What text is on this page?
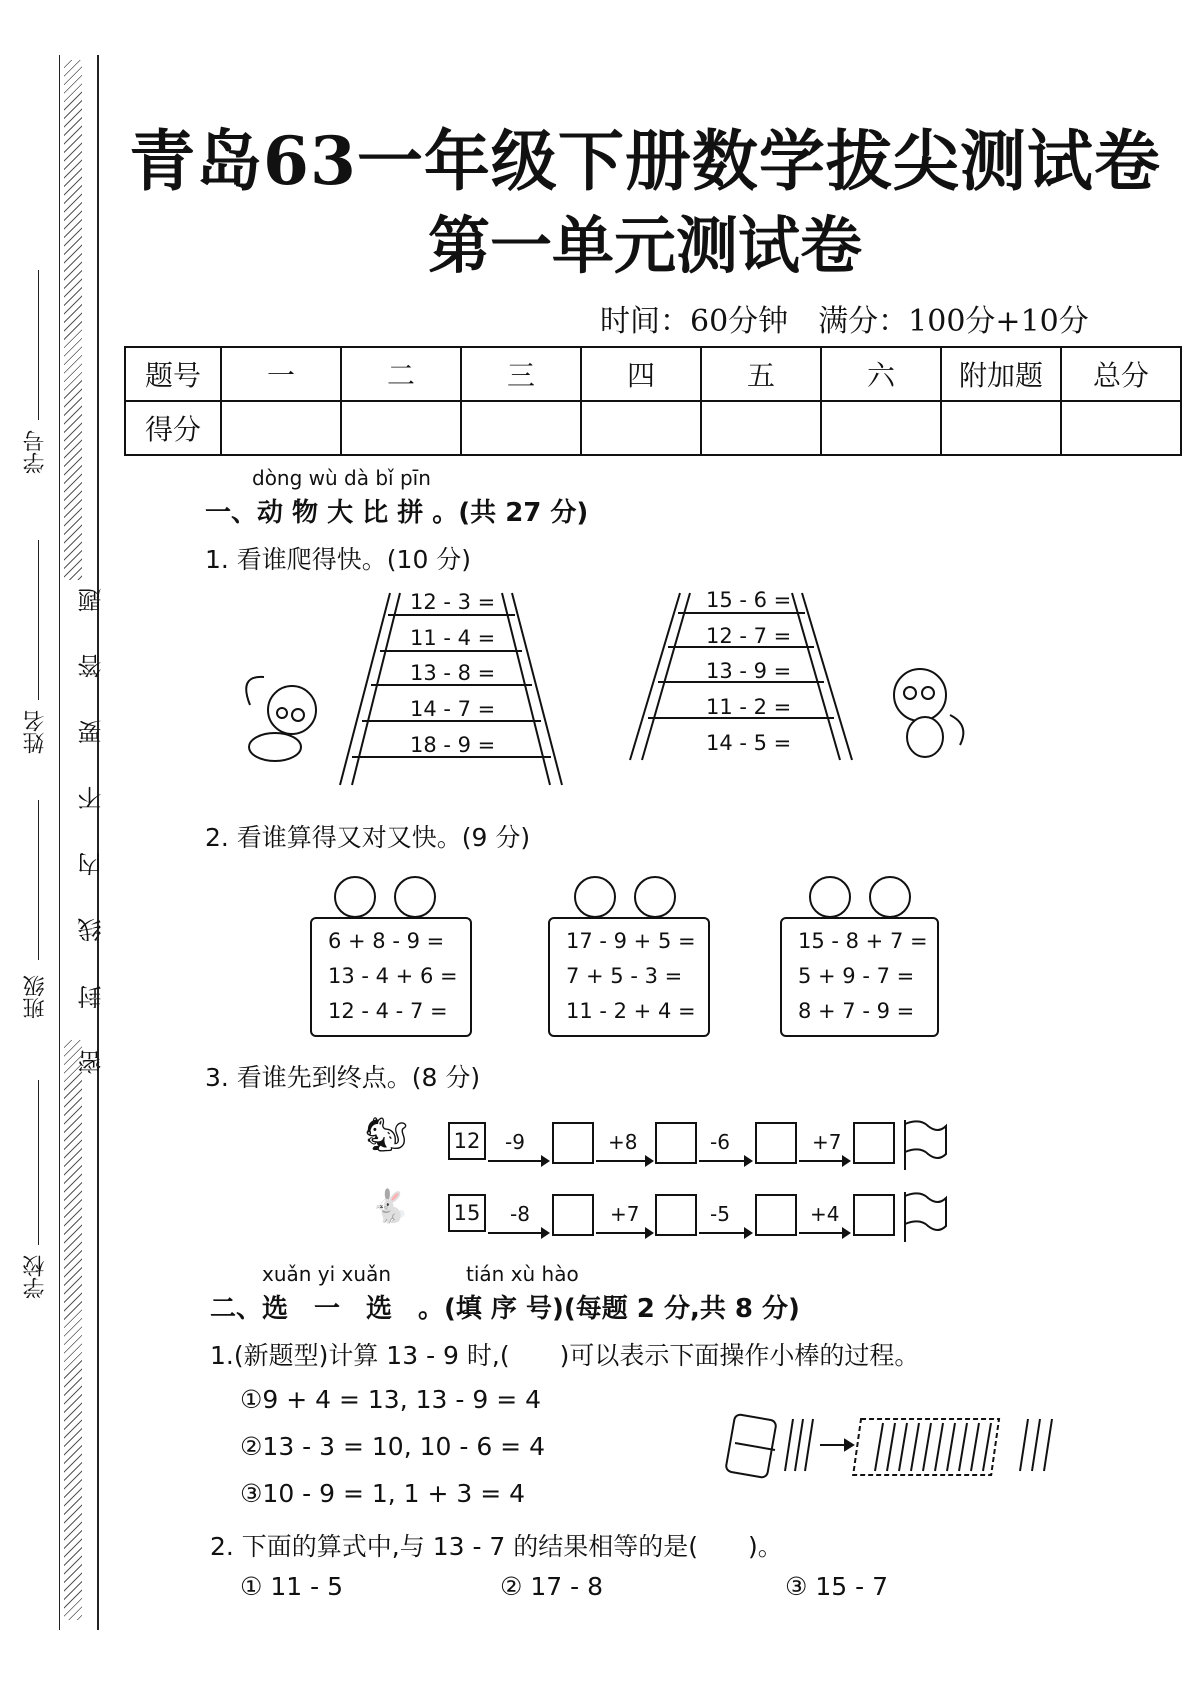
学号
姓名
班级
学校
密
封
线
内
不
要
答
题
青岛63一年级下册数学拔尖测试卷
第一单元测试卷
时间：60分钟　满分：100分+10分
题号	一	二	三	四	五	六	附加题	总分
得分								
dòng wù dà bǐ pīn
一、动 物 大 比 拼 。(共 27 分)
1. 看谁爬得快。(10 分)
12 - 3 =
11 - 4 =
13 - 8 =
14 - 7 =
18 - 9 =
15 - 6 =
12 - 7 =
13 - 9 =
11 - 2 =
14 - 5 =
2. 看谁算得又对又快。(9 分)
6 + 8 - 9 =
13 - 4 + 6 =
12 - 4 - 7 =
17 - 9 + 5 =
7 + 5 - 3 =
11 - 2 + 4 =
15 - 8 + 7 =
5 + 9 - 7 =
8 + 7 - 9 =
3. 看谁先到终点。(8 分)
🐿
🐇
12 -9	+8	-6	+7
15 -8	+7	-5	+4
xuǎn yi xuǎn	tián xù hào
二、选　一　选　。(填 序 号)(每题 2 分,共 8 分)
1.(新题型)计算 13 - 9 时,(　　)可以表示下面操作小棒的过程。
①9 + 4 = 13, 13 - 9 = 4
②13 - 3 = 10, 10 - 6 = 4
③10 - 9 = 1, 1 + 3 = 4
2. 下面的算式中,与 13 - 7 的结果相等的是(　　)。
① 11 - 5	② 17 - 8	③ 15 - 7
